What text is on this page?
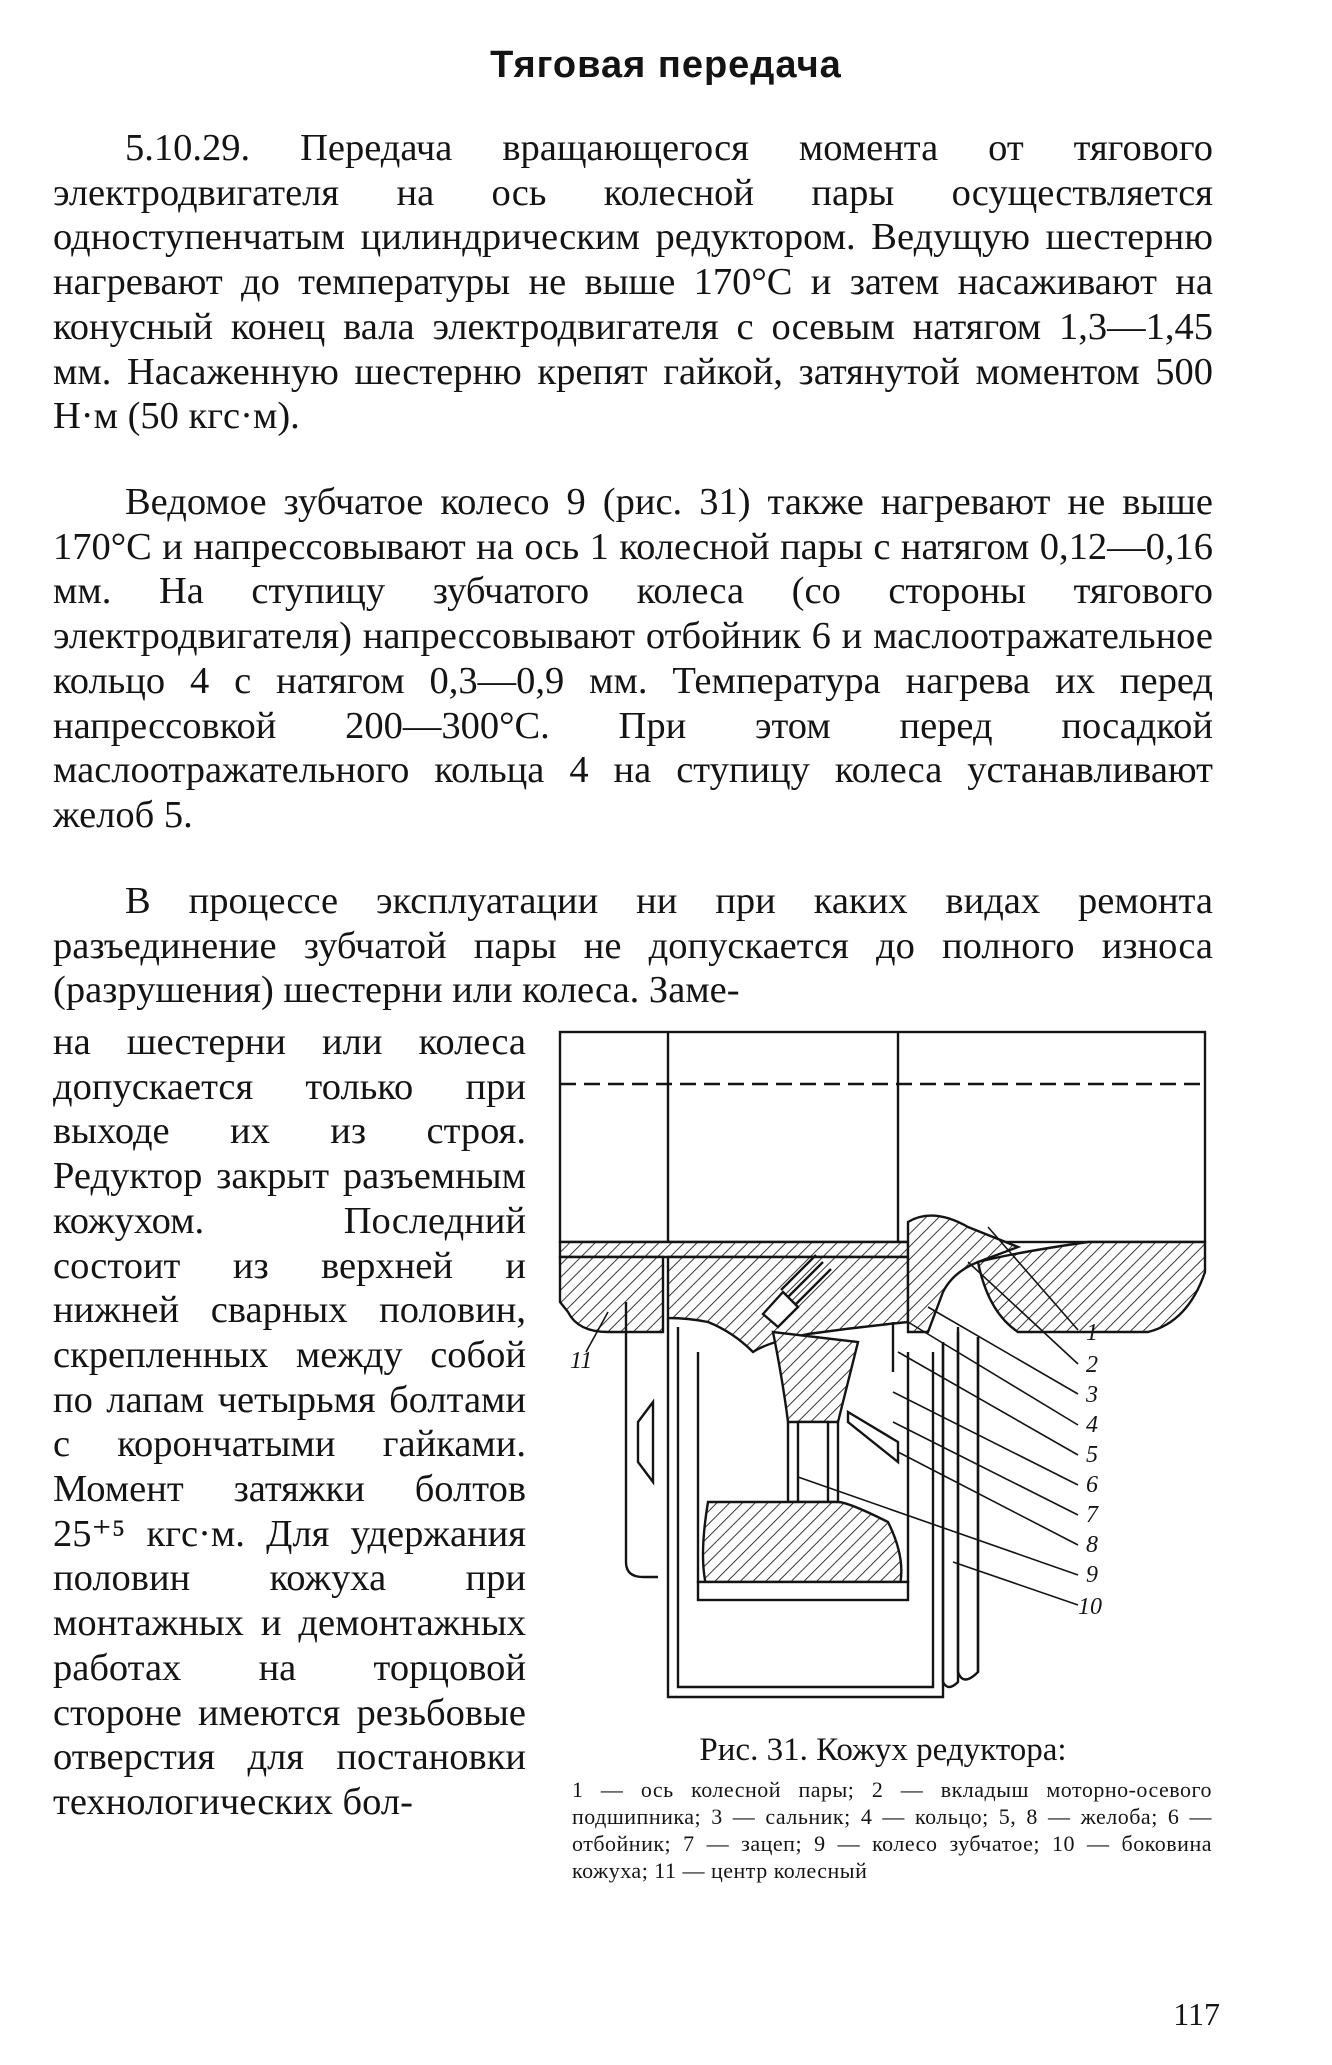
Тяговая передача

5.10.29. Передача вращающегося момента от тягового электродвигателя на ось колесной пары осуществляется одноступенчатым цилиндрическим редуктором. Ведущую шестерню нагревают до температуры не выше 170°С и затем насаживают на конусный конец вала электродвигателя с осевым натягом 1,3—1,45 мм. Насаженную шестерню крепят гайкой, затянутой моментом 500 Н·м (50 кгс·м).

Ведомое зубчатое колесо 9 (рис. 31) также нагревают не выше 170°С и напрессовывают на ось 1 колесной пары с натягом 0,12—0,16 мм. На ступицу зубчатого колеса (со стороны тягового электродвигателя) напрессовывают отбойник 6 и маслоотражательное кольцо 4 с натягом 0,3—0,9 мм. Температура нагрева их перед напрессовкой 200—300°С. При этом перед посадкой маслоотражательного кольца 4 на ступицу колеса устанавливают желоб 5.

В процессе эксплуатации ни при каких видах ремонта разъединение зубчатой пары не допускается до полного износа (разрушения) шестерни или колеса. Заме-

на шестерни или колеса допускается только при выходе их из строя. Редуктор закрыт разъемным кожухом. Последний состоит из верхней и нижней сварных половин, скрепленных между собой по лапам четырьмя болтами с корончатыми гайками. Момент затяжки болтов 25⁺⁵ кгс·м. Для удержания половин кожуха при монтажных и демонтажных работах на торцовой стороне имеются резьбовые отверстия для постановки технологических бол-

1
2
3
4
5
6
7
8
9
10
11
Рис. 31. Кожух редуктора:
1 — ось колесной пары; 2 — вкладыш моторно-осевого подшипника; 3 — сальник; 4 — кольцо; 5, 8 — желоба; 6 — отбойник; 7 — зацеп; 9 — колесо зубчатое; 10 — боковина кожуха; 11 — центр колесный
117
